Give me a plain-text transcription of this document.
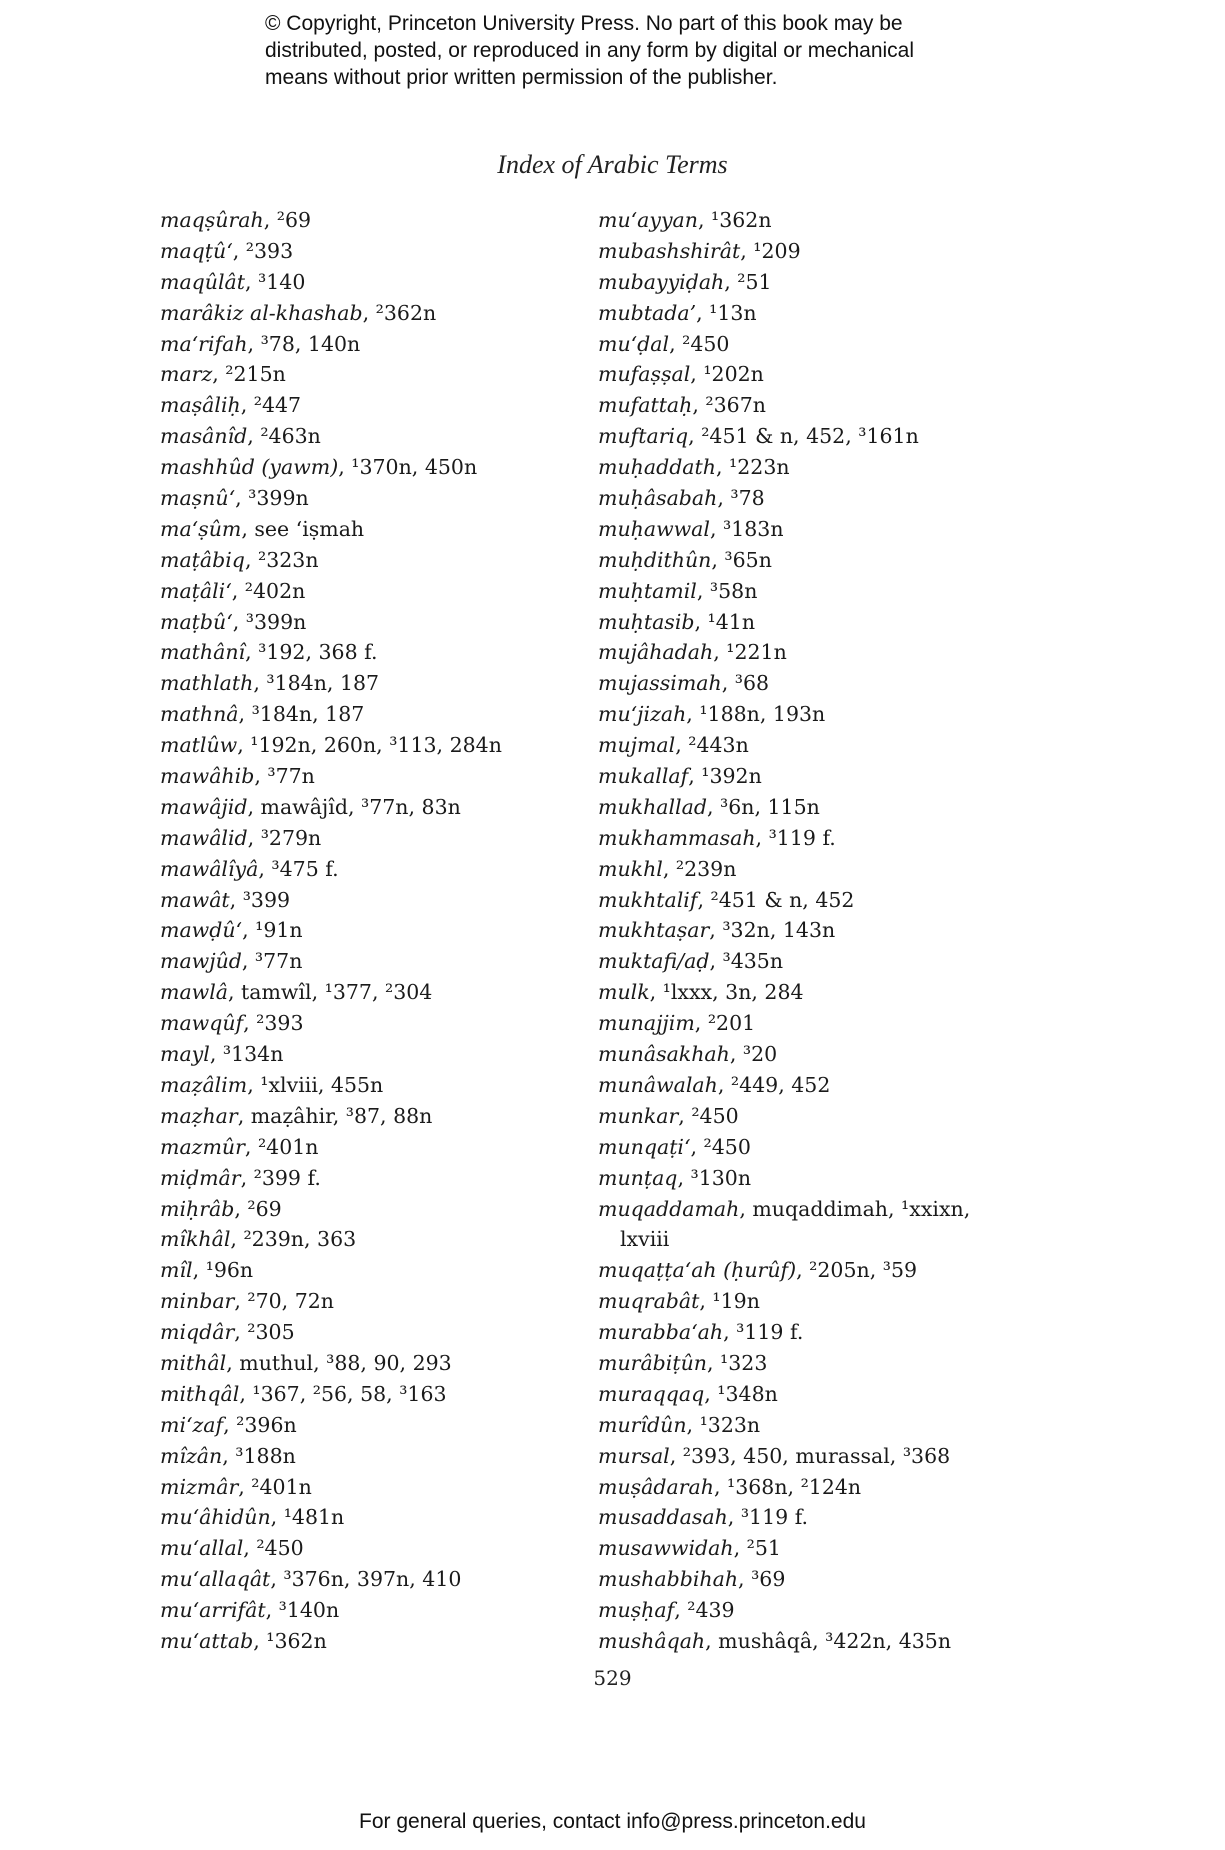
© Copyright, Princeton University Press. No part of this book may be
distributed, posted, or reproduced in any form by digital or mechanical
means without prior written permission of the publisher.
Index of Arabic Terms
maqṣûrah, ²69
maqṭû‘, ²393
maqûlât, ³140
marâkiz al-khashab, ²362n
ma‘rifah, ³78, 140n
marz, ²215n
maṣâliḥ, ²447
masânîd, ²463n
mashhûd (yawm), ¹370n, 450n
maṣnû‘, ³399n
ma‘ṣûm, see ‘iṣmah
maṭâbiq, ²323n
maṭâli‘, ²402n
maṭbû‘, ³399n
mathânî, ³192, 368 f.
mathlath, ³184n, 187
mathnâ, ³184n, 187
matlûw, ¹192n, 260n, ³113, 284n
mawâhib, ³77n
mawâjid, mawâjîd, ³77n, 83n
mawâlid, ³279n
mawâlîyâ, ³475 f.
mawât, ³399
mawḍû‘, ¹91n
mawjûd, ³77n
mawlâ, tamwîl, ¹377, ²304
mawqûf, ²393
mayl, ³134n
maẓâlim, ¹xlviii, 455n
maẓhar, maẓâhir, ³87, 88n
mazmûr, ²401n
miḍmâr, ²399 f.
miḥrâb, ²69
mîkhâl, ²239n, 363
mîl, ¹96n
minbar, ²70, 72n
miqdâr, ²305
mithâl, muthul, ³88, 90, 293
mithqâl, ¹367, ²56, 58, ³163
mi‘zaf, ²396n
mîzân, ³188n
mizmâr, ²401n
mu‘âhidûn, ¹481n
mu‘allal, ²450
mu‘allaqât, ³376n, 397n, 410
mu‘arrifât, ³140n
mu‘attab, ¹362n
mu‘ayyan, ¹362n
mubashshirât, ¹209
mubayyiḍah, ²51
mubtada’, ¹13n
mu‘ḍal, ²450
mufaṣṣal, ¹202n
mufattaḥ, ²367n
muftariq, ²451 & n, 452, ³161n
muḥaddath, ¹223n
muḥâsabah, ³78
muḥawwal, ³183n
muḥdithûn, ³65n
muḥtamil, ³58n
muḥtasib, ¹41n
mujâhadah, ¹221n
mujassimah, ³68
mu‘jizah, ¹188n, 193n
mujmal, ²443n
mukallaf, ¹392n
mukhallad, ³6n, 115n
mukhammasah, ³119 f.
mukhl, ²239n
mukhtalif, ²451 & n, 452
mukhtaṣar, ³32n, 143n
muktafi/aḍ, ³435n
mulk, ¹lxxx, 3n, 284
munajjim, ²201
munâsakhah, ³20
munâwalah, ²449, 452
munkar, ²450
munqaṭi‘, ²450
munṭaq, ³130n
muqaddamah, muqaddimah, ¹xxixn,
lxviii
muqaṭṭa‘ah (ḥurûf), ²205n, ³59
muqrabât, ¹19n
murabba‘ah, ³119 f.
murâbiṭûn, ¹323
muraqqaq, ¹348n
murîdûn, ¹323n
mursal, ²393, 450, murassal, ³368
muṣâdarah, ¹368n, ²124n
musaddasah, ³119 f.
musawwidah, ²51
mushabbihah, ³69
muṣḥaf, ²439
mushâqah, mushâqâ, ³422n, 435n
529
For general queries, contact info@press.princeton.edu
